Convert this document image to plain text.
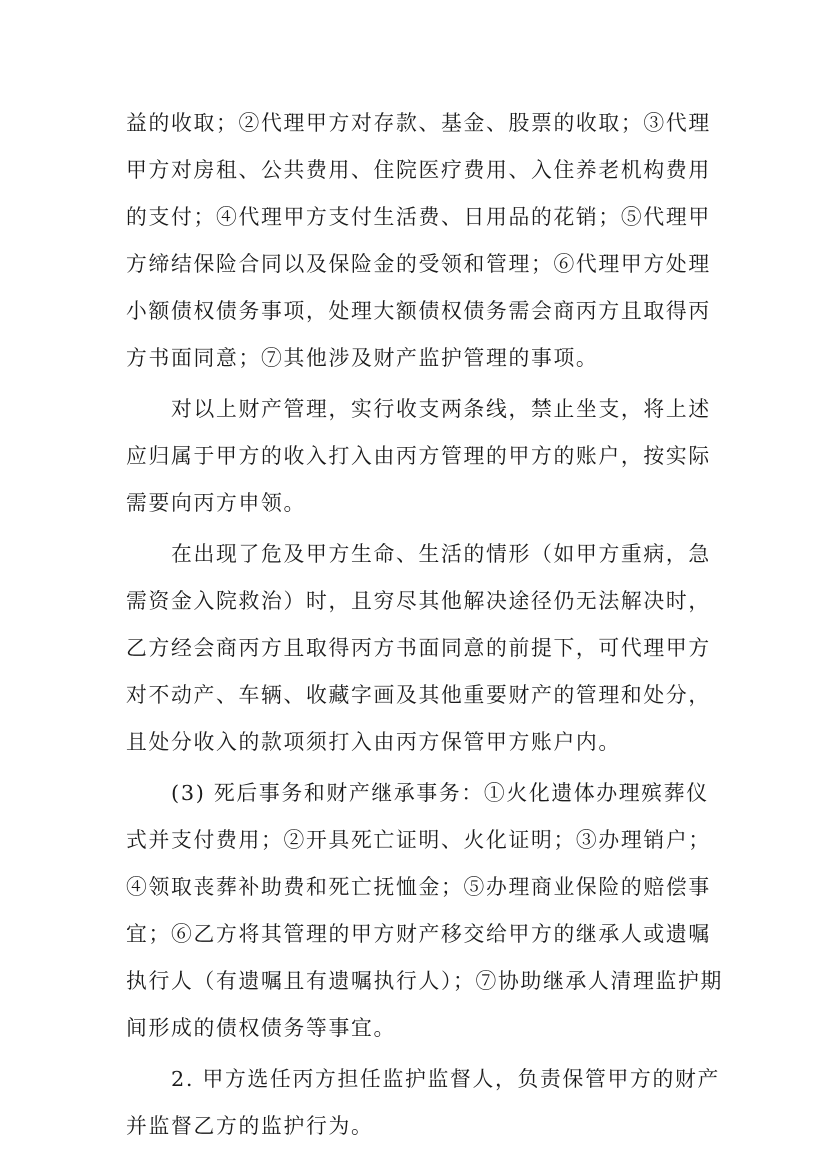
益的收取；②代理甲方对存款、基金、股票的收取；③代理
甲方对房租、公共费用、住院医疗费用、入住养老机构费用
的支付；④代理甲方支付生活费、日用品的花销；⑤代理甲
方缔结保险合同以及保险金的受领和管理；⑥代理甲方处理
小额债权债务事项，处理大额债权债务需会商丙方且取得丙
方书面同意；⑦其他涉及财产监护管理的事项。
对以上财产管理，实行收支两条线，禁止坐支，将上述
应归属于甲方的收入打入由丙方管理的甲方的账户，按实际
需要向丙方申领。
在出现了危及甲方生命、生活的情形（如甲方重病，急
需资金入院救治）时，且穷尽其他解决途径仍无法解决时，
乙方经会商丙方且取得丙方书面同意的前提下，可代理甲方
对不动产、车辆、收藏字画及其他重要财产的管理和处分，
且处分收入的款项须打入由丙方保管甲方账户内。
(3) 死后事务和财产继承事务：①火化遗体办理殡葬仪
式并支付费用；②开具死亡证明、火化证明；③办理销户；
④领取丧葬补助费和死亡抚恤金；⑤办理商业保险的赔偿事
宜；⑥乙方将其管理的甲方财产移交给甲方的继承人或遗嘱
执行人（有遗嘱且有遗嘱执行人）；⑦协助继承人清理监护期
间形成的债权债务等事宜。
2. 甲方选任丙方担任监护监督人，负责保管甲方的财产
并监督乙方的监护行为。
